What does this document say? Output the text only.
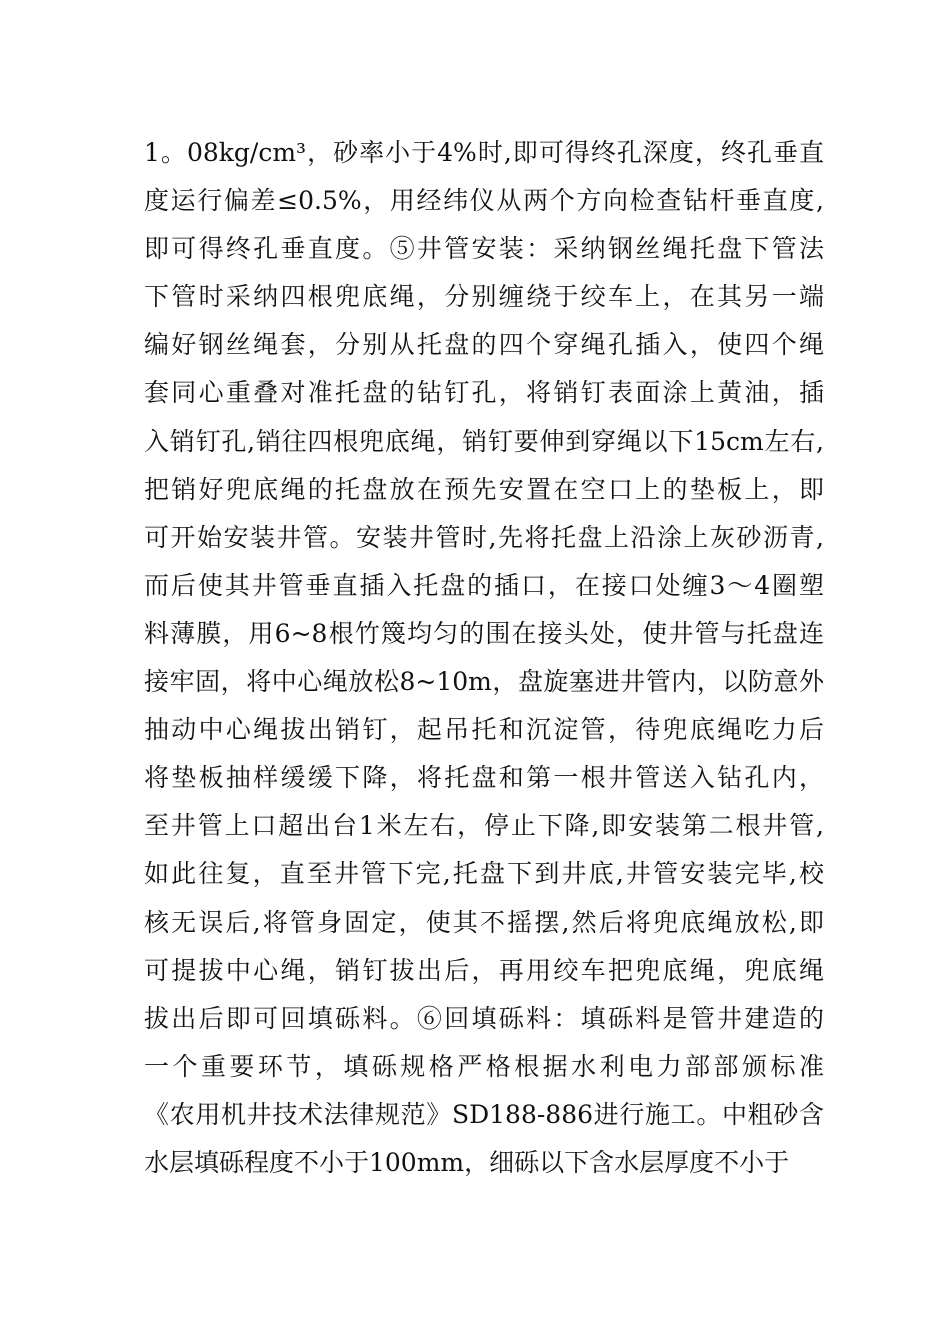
1。08kg/cm³，砂率小于4%时,即可得终孔深度，终孔垂直
度运行偏差≤0.5%，用经纬仪从两个方向检查钻杆垂直度,
即可得终孔垂直度。⑤井管安装：采纳钢丝绳托盘下管法
下管时采纳四根兜底绳，分别缠绕于绞车上，在其另一端
编好钢丝绳套，分别从托盘的四个穿绳孔插入，使四个绳
套同心重叠对准托盘的钻钉孔，将销钉表面涂上黄油，插
入销钉孔,销往四根兜底绳，销钉要伸到穿绳以下15cm左右,
把销好兜底绳的托盘放在预先安置在空口上的垫板上，即
可开始安装井管。安装井管时,先将托盘上沿涂上灰砂沥青,
而后使其井管垂直插入托盘的插口，在接口处缠3～4圈塑
料薄膜，用6~8根竹篾均匀的围在接头处，使井管与托盘连
接牢固，将中心绳放松8~10m，盘旋塞进井管内，以防意外
抽动中心绳拔出销钉，起吊托和沉淀管，待兜底绳吃力后
将垫板抽样缓缓下降，将托盘和第一根井管送入钻孔内，
至井管上口超出台1米左右，停止下降,即安装第二根井管,
如此往复，直至井管下完,托盘下到井底,井管安装完毕,校
核无误后,将管身固定，使其不摇摆,然后将兜底绳放松,即
可提拔中心绳，销钉拔出后，再用绞车把兜底绳，兜底绳
拔出后即可回填砾料。⑥回填砾料：填砾料是管井建造的
一个重要环节，填砾规格严格根据水利电力部部颁标准
《农用机井技术法律规范》SD188-886进行施工。中粗砂含
水层填砾程度不小于100mm，细砾以下含水层厚度不小于
